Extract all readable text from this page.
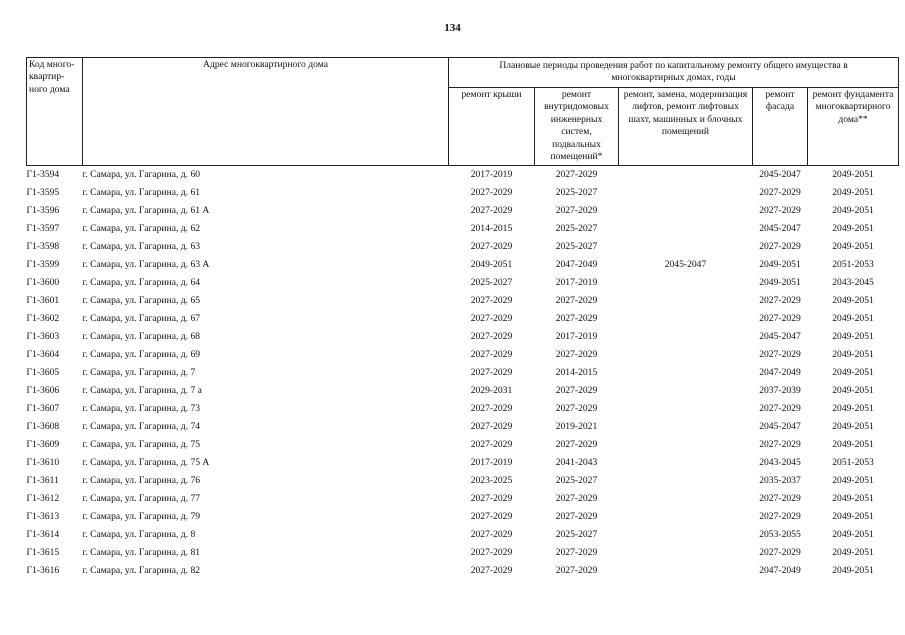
134
Код много-квартир-ного дома	Адрес многоквартирного дома	Плановые периоды проведения работ по капитальному ремонту общего имущества в многоквартирных домах, годы				
		ремонт крыши	ремонт внутридомовых инженерных систем, подвальных помещений*	ремонт, замена, модернизация лифтов, ремонт лифтовых шахт, машинных и блочных помещений	ремонт фасада	ремонт фундамента многоквартирного дома**
Г1-3594	г. Самара, ул. Гагарина, д. 60	2017-2019	2027-2029		2045-2047	2049-2051
Г1-3595	г. Самара, ул. Гагарина, д. 61	2027-2029	2025-2027		2027-2029	2049-2051
Г1-3596	г. Самара, ул. Гагарина, д. 61 А	2027-2029	2027-2029		2027-2029	2049-2051
Г1-3597	г. Самара, ул. Гагарина, д. 62	2014-2015	2025-2027		2045-2047	2049-2051
Г1-3598	г. Самара, ул. Гагарина, д. 63	2027-2029	2025-2027		2027-2029	2049-2051
Г1-3599	г. Самара, ул. Гагарина, д. 63 А	2049-2051	2047-2049	2045-2047	2049-2051	2051-2053
Г1-3600	г. Самара, ул. Гагарина, д. 64	2025-2027	2017-2019		2049-2051	2043-2045
Г1-3601	г. Самара, ул. Гагарина, д. 65	2027-2029	2027-2029		2027-2029	2049-2051
Г1-3602	г. Самара, ул. Гагарина, д. 67	2027-2029	2027-2029		2027-2029	2049-2051
Г1-3603	г. Самара, ул. Гагарина, д. 68	2027-2029	2017-2019		2045-2047	2049-2051
Г1-3604	г. Самара, ул. Гагарина, д. 69	2027-2029	2027-2029		2027-2029	2049-2051
Г1-3605	г. Самара, ул. Гагарина, д. 7	2027-2029	2014-2015		2047-2049	2049-2051
Г1-3606	г. Самара, ул. Гагарина, д. 7 а	2029-2031	2027-2029		2037-2039	2049-2051
Г1-3607	г. Самара, ул. Гагарина, д. 73	2027-2029	2027-2029		2027-2029	2049-2051
Г1-3608	г. Самара, ул. Гагарина, д. 74	2027-2029	2019-2021		2045-2047	2049-2051
Г1-3609	г. Самара, ул. Гагарина, д. 75	2027-2029	2027-2029		2027-2029	2049-2051
Г1-3610	г. Самара, ул. Гагарина, д. 75 А	2017-2019	2041-2043		2043-2045	2051-2053
Г1-3611	г. Самара, ул. Гагарина, д. 76	2023-2025	2025-2027		2035-2037	2049-2051
Г1-3612	г. Самара, ул. Гагарина, д. 77	2027-2029	2027-2029		2027-2029	2049-2051
Г1-3613	г. Самара, ул. Гагарина, д. 79	2027-2029	2027-2029		2027-2029	2049-2051
Г1-3614	г. Самара, ул. Гагарина, д. 8	2027-2029	2025-2027		2053-2055	2049-2051
Г1-3615	г. Самара, ул. Гагарина, д. 81	2027-2029	2027-2029		2027-2029	2049-2051
Г1-3616	г. Самара, ул. Гагарина, д. 82	2027-2029	2027-2029		2047-2049	2049-2051
